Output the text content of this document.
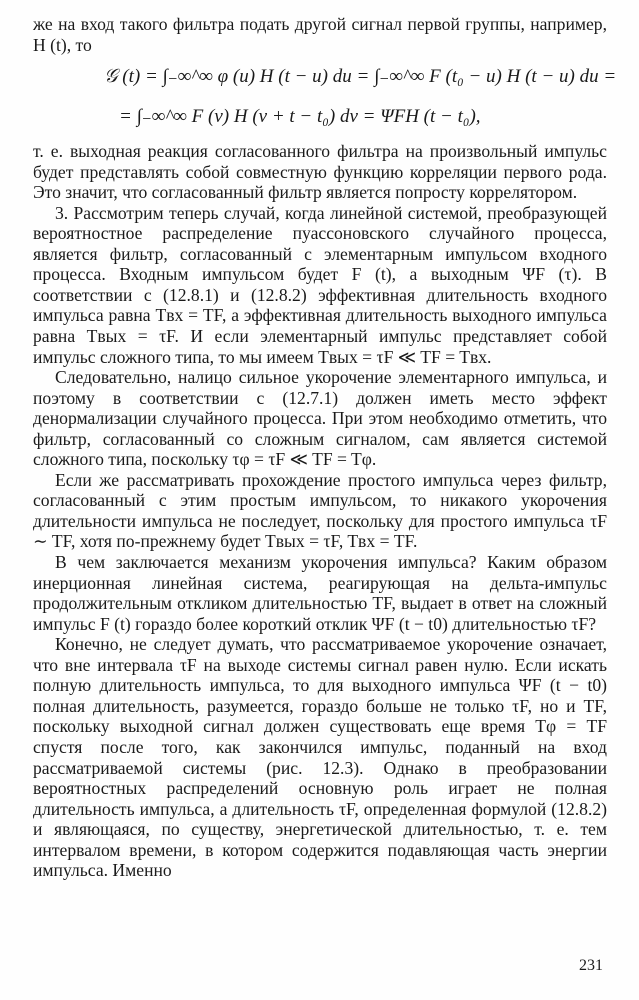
же на вход такого фильтра подать другой сигнал первой группы, например, H (t), то

𝒢 (t) = ∫₋∞^∞ φ (u) H (t − u) du = ∫₋∞^∞ F (t₀ − u) H (t − u) du =
= ∫₋∞^∞ F (v) H (v + t − t₀) dv = ΨFH (t − t₀),

т. е. выходная реакция согласованного фильтра на произвольный импульс будет представлять собой совместную функцию корреляции первого рода. Это значит, что согласованный фильтр является попросту коррелятором.

3. Рассмотрим теперь случай, когда линейной системой, преобразующей вероятностное распределение пуассоновского случайного процесса, является фильтр, согласованный с элементарным импульсом входного процесса. Входным импульсом будет F (t), а выходным ΨF (τ). В соответствии с (12.8.1) и (12.8.2) эффективная длительность входного импульса равна Tвх = TF, а эффективная длительность выходного импульса равна Tвых = τF. И если элементарный импульс представляет собой импульс сложного типа, то мы имеем Tвых = τF ≪ TF = Tвх.

Следовательно, налицо сильное укорочение элементарного импульса, и поэтому в соответствии с (12.7.1) должен иметь место эффект денормализации случайного процесса. При этом необходимо отметить, что фильтр, согласованный со сложным сигналом, сам является системой сложного типа, поскольку τφ = τF ≪ TF = Tφ.

Если же рассматривать прохождение простого импульса через фильтр, согласованный с этим простым импульсом, то никакого укорочения длительности импульса не последует, поскольку для простого импульса τF ∼ TF, хотя по-прежнему будет Tвых = τF, Tвх = TF.

В чем заключается механизм укорочения импульса? Каким образом инерционная линейная система, реагирующая на дельта-импульс продолжительным откликом длительностью TF, выдает в ответ на сложный импульс F (t) гораздо более короткий отклик ΨF (t − t0) длительностью τF?

Конечно, не следует думать, что рассматриваемое укорочение означает, что вне интервала τF на выходе системы сигнал равен нулю. Если искать полную длительность импульса, то для выходного импульса ΨF (t − t0) полная длительность, разумеется, гораздо больше не только τF, но и TF, поскольку выходной сигнал должен существовать еще время Tφ = TF спустя после того, как закончился импульс, поданный на вход рассматриваемой системы (рис. 12.3). Однако в преобразовании вероятностных распределений основную роль играет не полная длительность импульса, а длительность τF, определенная формулой (12.8.2) и являющаяся, по существу, энергетической длительностью, т. е. тем интервалом времени, в котором содержится подавляющая часть энергии импульса. Именно

231
